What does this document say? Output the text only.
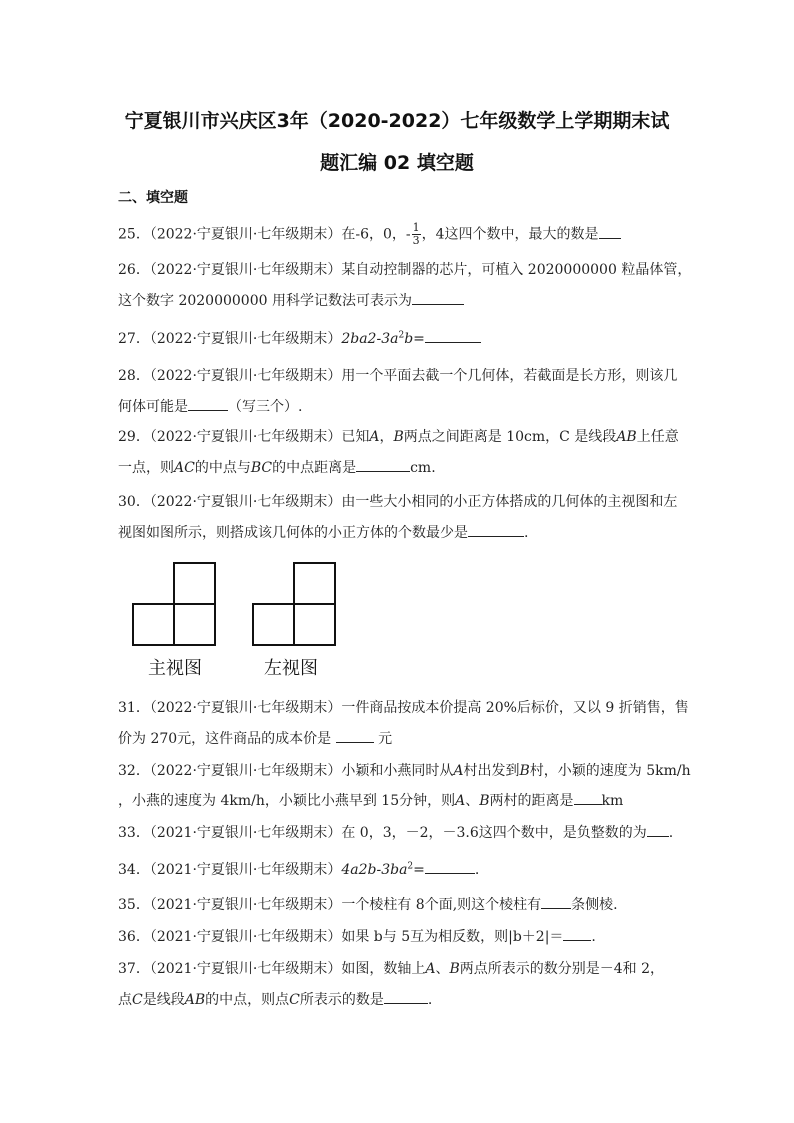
宁夏银川市兴庆区3年（2020-2022）七年级数学上学期期末试
题汇编 02 填空题
二、填空题
25．（2022·宁夏银川·七年级期末）在-6，0，- $\frac{1}{3}$ ，4这四个数中，最大的数是
26．（2022·宁夏银川·七年级期末）某自动控制器的芯片，可植入 2020000000 粒晶体管，
这个数字 2020000000 用科学记数法可表示为
27．（2022·宁夏银川·七年级期末）$2ba2-3a^2b=$
28．（2022·宁夏银川·七年级期末）用一个平面去截一个几何体，若截面是长方形，则该几
何体可能是	（写三个）.
29．（2022·宁夏银川·七年级期末）已知A，B两点之间距离是 10cm，C 是线段AB上任意
一点，则AC的中点与BC的中点距离是	cm.
30．（2022·宁夏银川·七年级期末）由一些大小相同的小正方体搭成的几何体的主视图和左
视图如图所示，则搭成该几何体的小正方体的个数最少是	.
主视图	左视图
31．（2022·宁夏银川·七年级期末）一件商品按成本价提高 20%后标价，又以 9 折销售，售
价为 270元，这件商品的成本价是	元
32．（2022·宁夏银川·七年级期末）小颖和小燕同时从A村出发到B村，小颖的速度为 5km/h
，小燕的速度为 4km/h，小颖比小燕早到 15分钟，则A、B两村的距离是 km
33．（2021·宁夏银川·七年级期末）在 0，3，－2，－3.6这四个数中，是负整数的为 .
34．（2021·宁夏银川·七年级期末）$4a2b-3ba^2=$	.
35．（2021·宁夏银川·七年级期末）一个棱柱有 8个面,则这个棱柱有 条侧棱.
36．（2021·宁夏银川·七年级期末）如果 b与 5互为相反数，则|b＋2|＝ .
37．（2021·宁夏银川·七年级期末）如图，数轴上A、B两点所表示的数分别是－4和 2，
点C是线段AB的中点，则点C所表示的数是	.
